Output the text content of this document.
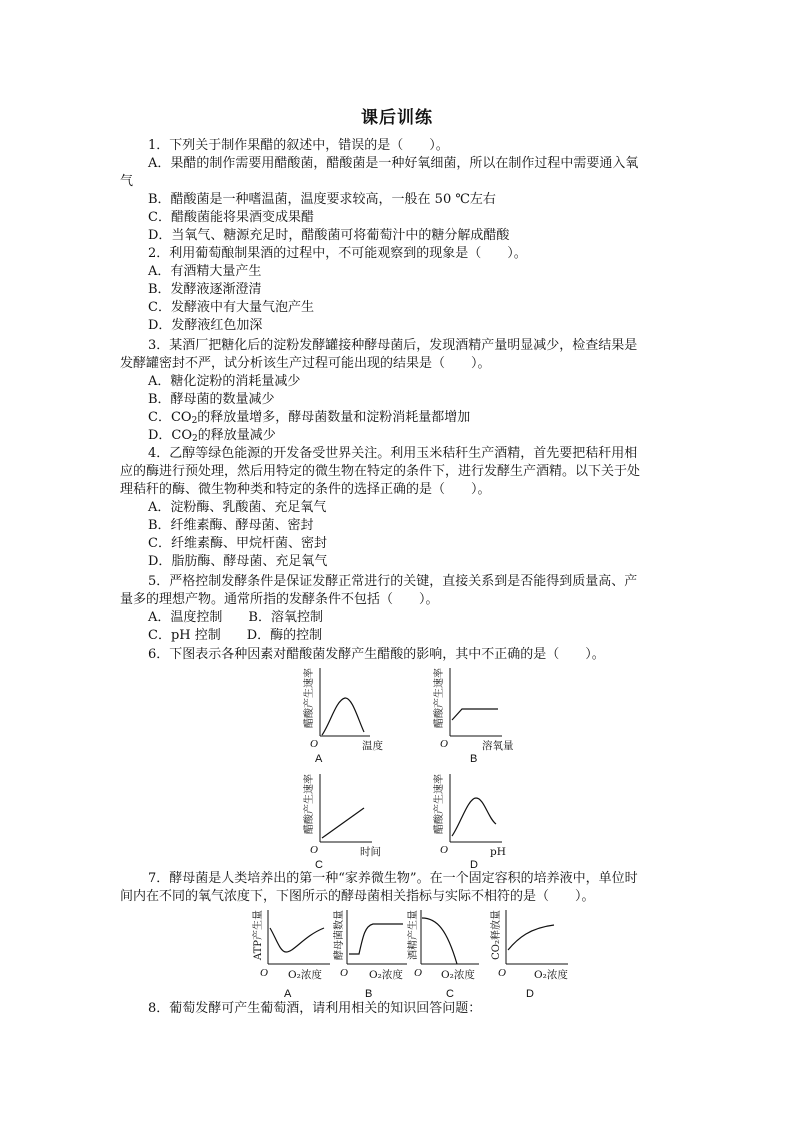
课后训练
1．下列关于制作果醋的叙述中，错误的是（　　）。
A．果醋的制作需要用醋酸菌，醋酸菌是一种好氧细菌，所以在制作过程中需要通入氧
气
B．醋酸菌是一种嗜温菌，温度要求较高，一般在 50 ℃左右
C．醋酸菌能将果酒变成果醋
D．当氧气、糖源充足时，醋酸菌可将葡萄汁中的糖分解成醋酸
2．利用葡萄酿制果酒的过程中，不可能观察到的现象是（　　）。
A．有酒精大量产生
B．发酵液逐渐澄清
C．发酵液中有大量气泡产生
D．发酵液红色加深
3．某酒厂把糖化后的淀粉发酵罐接种酵母菌后，发现酒精产量明显减少，检查结果是
发酵罐密封不严，试分析该生产过程可能出现的结果是（　　）。
A．糖化淀粉的消耗量减少
B．酵母菌的数量减少
C．$CO_2$的释放量增多，酵母菌数量和淀粉消耗量都增加
D．$CO_2$的释放量减少
4．乙醇等绿色能源的开发备受世界关注。利用玉米秸秆生产酒精，首先要把秸秆用相
应的酶进行预处理，然后用特定的微生物在特定的条件下，进行发酵生产酒精。以下关于处
理秸秆的酶、微生物种类和特定的条件的选择正确的是（　　）。
A．淀粉酶、乳酸菌、充足氧气
B．纤维素酶、酵母菌、密封
C．纤维素酶、甲烷杆菌、密封
D．脂肪酶、酵母菌、充足氧气
5．严格控制发酵条件是保证发酵正常进行的关键，直接关系到是否能得到质量高、产
量多的理想产物。通常所指的发酵条件不包括（　　）。
A．温度控制　　B．溶氧控制
C．pH 控制　　D．酶的控制
6．下图表示各种因素对醋酸菌发酵产生醋酸的影响，其中不正确的是（　　）。
醋酸产生速率
O	温度
A
醋酸产生速率
O	溶氧量
B
醋酸产生速率
O	时间
C
醋酸产生速率
O	pH
D
7．酵母菌是人类培养出的第一种“家养微生物”。在一个固定容积的培养液中，单位时
间内在不同的氧气浓度下，下图所示的酵母菌相关指标与实际不相符的是（　　）。
ATP产生量
O O₂浓度
A
酵母菌数量
O O₂浓度
B
酒精产生量
O O₂浓度
C
CO₂释放量
O	O₂浓度
D
8．葡萄发酵可产生葡萄酒，请利用相关的知识回答问题：
